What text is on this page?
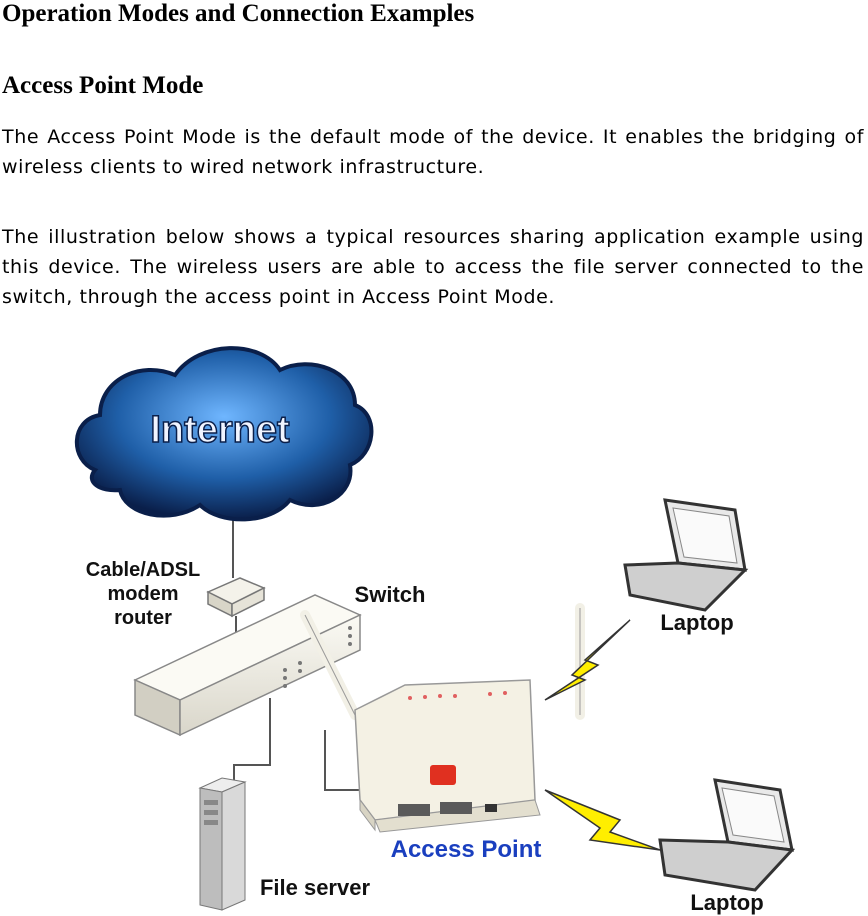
Operation Modes and Connection Examples
Access Point Mode

The Access Point Mode is the default mode of the device. It enables the bridging of wireless clients to wired network infrastructure.

The illustration below shows a typical resources sharing application example using this device. The wireless users are able to access the file server connected to the switch, through the access point in Access Point Mode.

Internet
Cable/ADSL
modem
router
Switch
Access Point
Laptop
Laptop
File server
